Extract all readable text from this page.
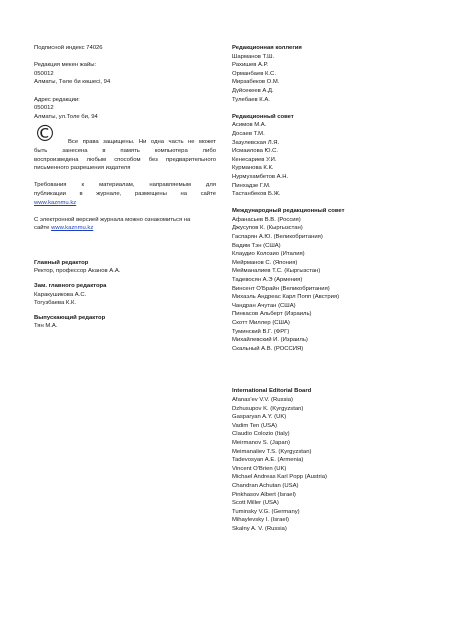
Подписной индекс 74026

Редакция мекен жайы:

050012

Алматы, Төле би көшесі, 94

Адрес редакции:

050012

Алматы, ул.Толе би, 94

©	Все права защищены. Ни одна часть не может

быть занесена в память компьютера либо

воспроизведена любым способом без предварительного

письменного разрешения издателя

Требования к материалам, направляемым для

публикации в журнале, размещены на сайте

www.kaznmu.kz

С электронной версией журнала можно ознакомиться на

сайте www.kaznmu.kz

Главный редактор

Ректор, профессор Аканов А.А.

Зам. главного редактора

Каракушикова А.С.

Тогузбаева К.К.

Выпускающий редактор

Тян М.А.

Редакционная коллегия

Шарманов Т.Ш.

Рахишев А.Р.

Орманбаев К.С.

Мирзабеков О.М.

Дүйсекеев А.Д.

Тулебаев К.А.

Редакционный совет

Асимов М.А.

Досаев Т.М.

Зазулевская Л.Я.

Исмаилова Ю.С.

Кенесариев У.И.

Курманова К.К.

Нурмухамбетов А.Н.

Пинхадзе Г.М.

Тастанбеков Б.Ж.

Международный редакционный совет

Афанасьев В.В. (Россия)

Джусупов К. (Кыргызстан)

Гаспарян А.Ю. (Великобритания)

Вадим Тэн (США)

Клаудио Колозио (Италия)

Мейрманов С. (Япония)

Мейманалиев Т.С. (Кыргызстан)

Тадевосян А.Э (Армения)

Винсент О'Брайн (Великобритания)

Михаэль Андреас Карл Попп (Австрия)

Чандран Ачутан (США)

Пинкасов Альберт (Израиль)

Скотт Миллер (США)

Туминский В.Г. (ФРГ)

Михайлевский И. (Израиль)

Скальный А.В. (РОССИЯ)

International Editorial Board

Afanas'ev V.V. (Russia)

Dzhusupov K. (Kyrgyzstan)

Gasparyan A.Y. (UK)

Vadim Ten (USA)

Claudio Colozio (Italy)

Meirmanov S. (Japan)

Meimanaliev T.S. (Kyrgyzstan)

Tadevosyan A.E. (Armenia)

Vincent O'Brien (UK)

Michael Andreas Karl Popp (Austria)

Chandran Achutan (USA)

Pinkhasov Albert (Israel)

Scott Miller (USA)

Tuminsky V.G. (Germany)

Mihaylevsky I. (Israel)

Skalny A. V. (Russia)
